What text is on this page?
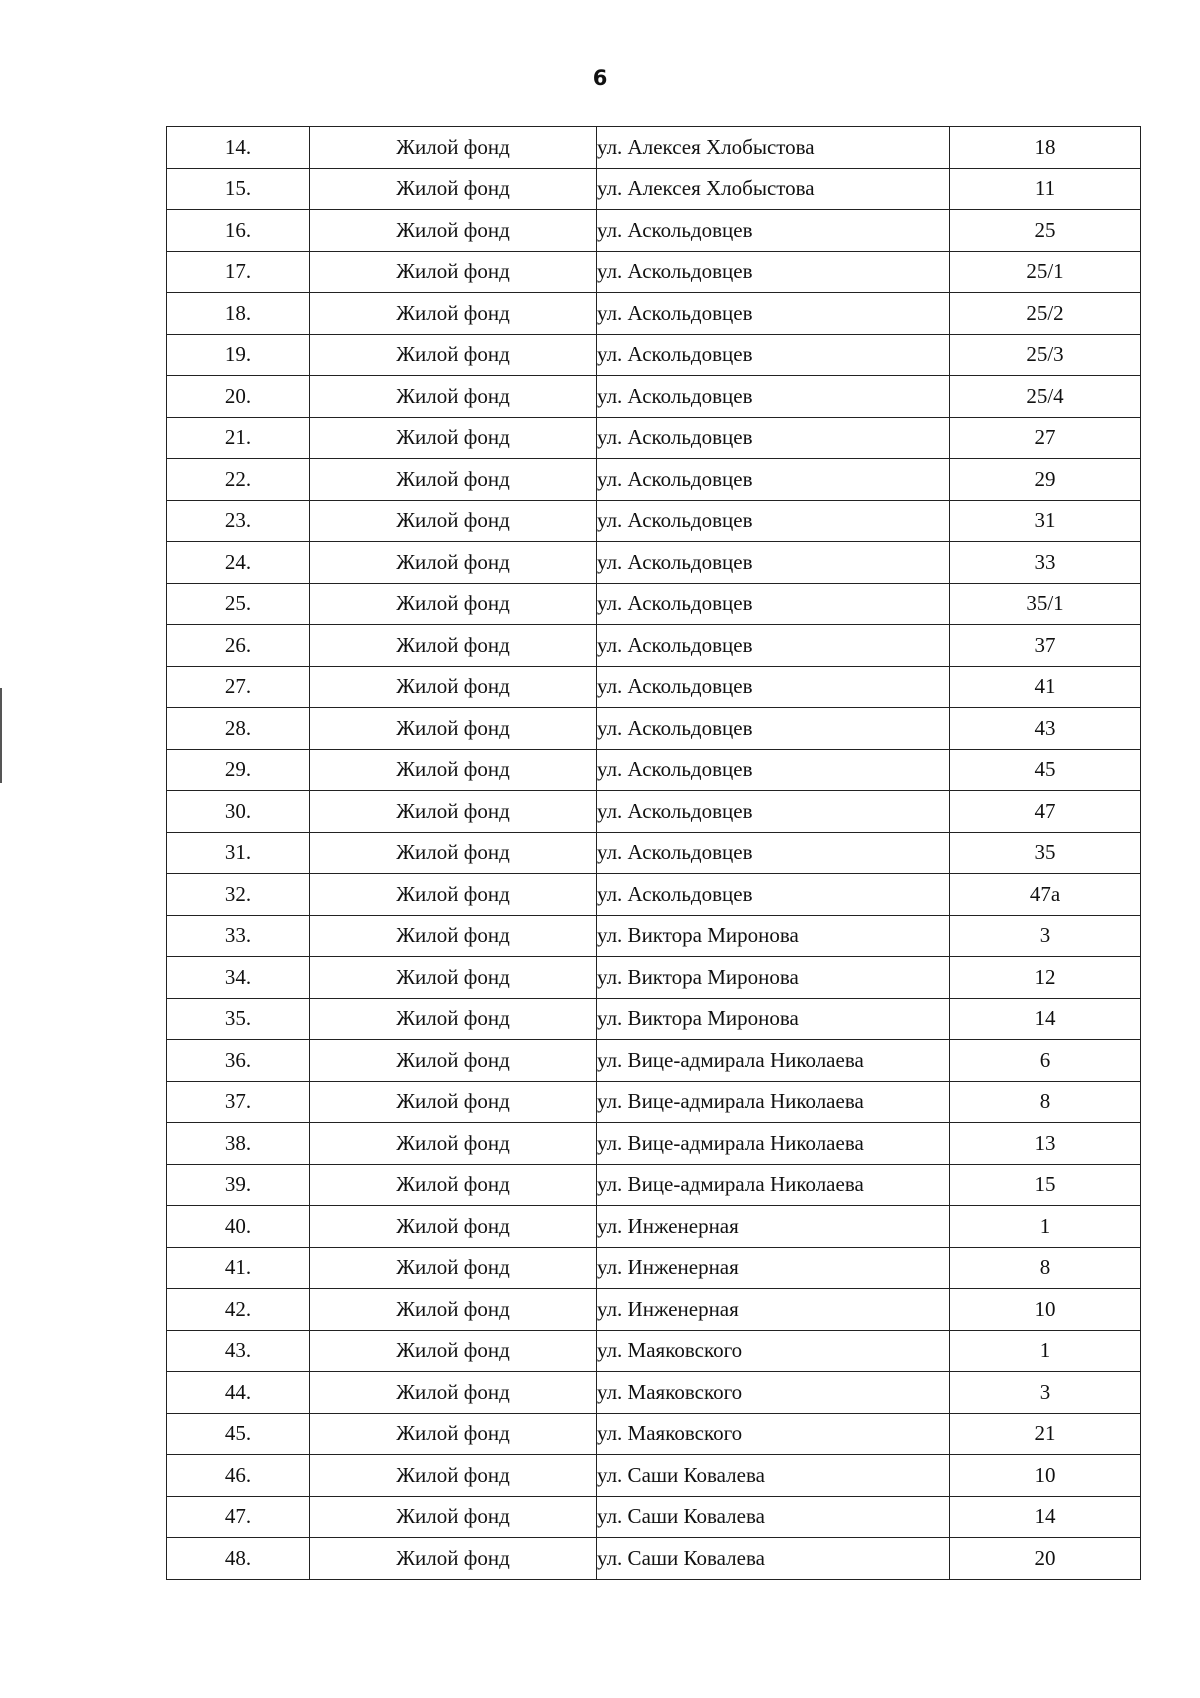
6
14.	Жилой фонд	ул. Алексея Хлобыстова	18
15.	Жилой фонд	ул. Алексея Хлобыстова	11
16.	Жилой фонд	ул. Аскольдовцев	25
17.	Жилой фонд	ул. Аскольдовцев	25/1
18.	Жилой фонд	ул. Аскольдовцев	25/2
19.	Жилой фонд	ул. Аскольдовцев	25/3
20.	Жилой фонд	ул. Аскольдовцев	25/4
21.	Жилой фонд	ул. Аскольдовцев	27
22.	Жилой фонд	ул. Аскольдовцев	29
23.	Жилой фонд	ул. Аскольдовцев	31
24.	Жилой фонд	ул. Аскольдовцев	33
25.	Жилой фонд	ул. Аскольдовцев	35/1
26.	Жилой фонд	ул. Аскольдовцев	37
27.	Жилой фонд	ул. Аскольдовцев	41
28.	Жилой фонд	ул. Аскольдовцев	43
29.	Жилой фонд	ул. Аскольдовцев	45
30.	Жилой фонд	ул. Аскольдовцев	47
31.	Жилой фонд	ул. Аскольдовцев	35
32.	Жилой фонд	ул. Аскольдовцев	47а
33.	Жилой фонд	ул. Виктора Миронова	3
34.	Жилой фонд	ул. Виктора Миронова	12
35.	Жилой фонд	ул. Виктора Миронова	14
36.	Жилой фонд	ул. Вице-адмирала Николаева	6
37.	Жилой фонд	ул. Вице-адмирала Николаева	8
38.	Жилой фонд	ул. Вице-адмирала Николаева	13
39.	Жилой фонд	ул. Вице-адмирала Николаева	15
40.	Жилой фонд	ул. Инженерная	1
41.	Жилой фонд	ул. Инженерная	8
42.	Жилой фонд	ул. Инженерная	10
43.	Жилой фонд	ул. Маяковского	1
44.	Жилой фонд	ул. Маяковского	3
45.	Жилой фонд	ул. Маяковского	21
46.	Жилой фонд	ул. Саши Ковалева	10
47.	Жилой фонд	ул. Саши Ковалева	14
48.	Жилой фонд	ул. Саши Ковалева	20
